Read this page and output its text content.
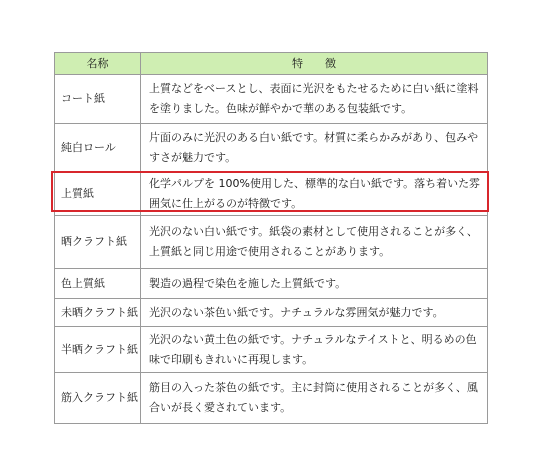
名称	特　　徴
コート紙
上質などをベースとし、表面に光沢をもたせるために白い紙に塗料を塗りました。色味が鮮やかで華のある包装紙です。
純白ロール
片面のみに光沢のある白い紙です。材質に柔らかみがあり、包みやすさが魅力です。
上質紙
化学パルプを 100%使用した、標準的な白い紙です。落ち着いた雰囲気に仕上がるのが特徴です。
晒クラフト紙
光沢のない白い紙です。紙袋の素材として使用されることが多く、上質紙と同じ用途で使用されることがあります。
色上質紙	製造の過程で染色を施した上質紙です。
未晒クラフト紙 光沢のない茶色い紙です。ナチュラルな雰囲気が魅力です。
半晒クラフト紙
光沢のない黄土色の紙です。ナチュラルなテイストと、明るめの色味で印刷もきれいに再現します。
筋入クラフト紙
筋目の入った茶色の紙です。主に封筒に使用されることが多く、風合いが長く愛されています。
